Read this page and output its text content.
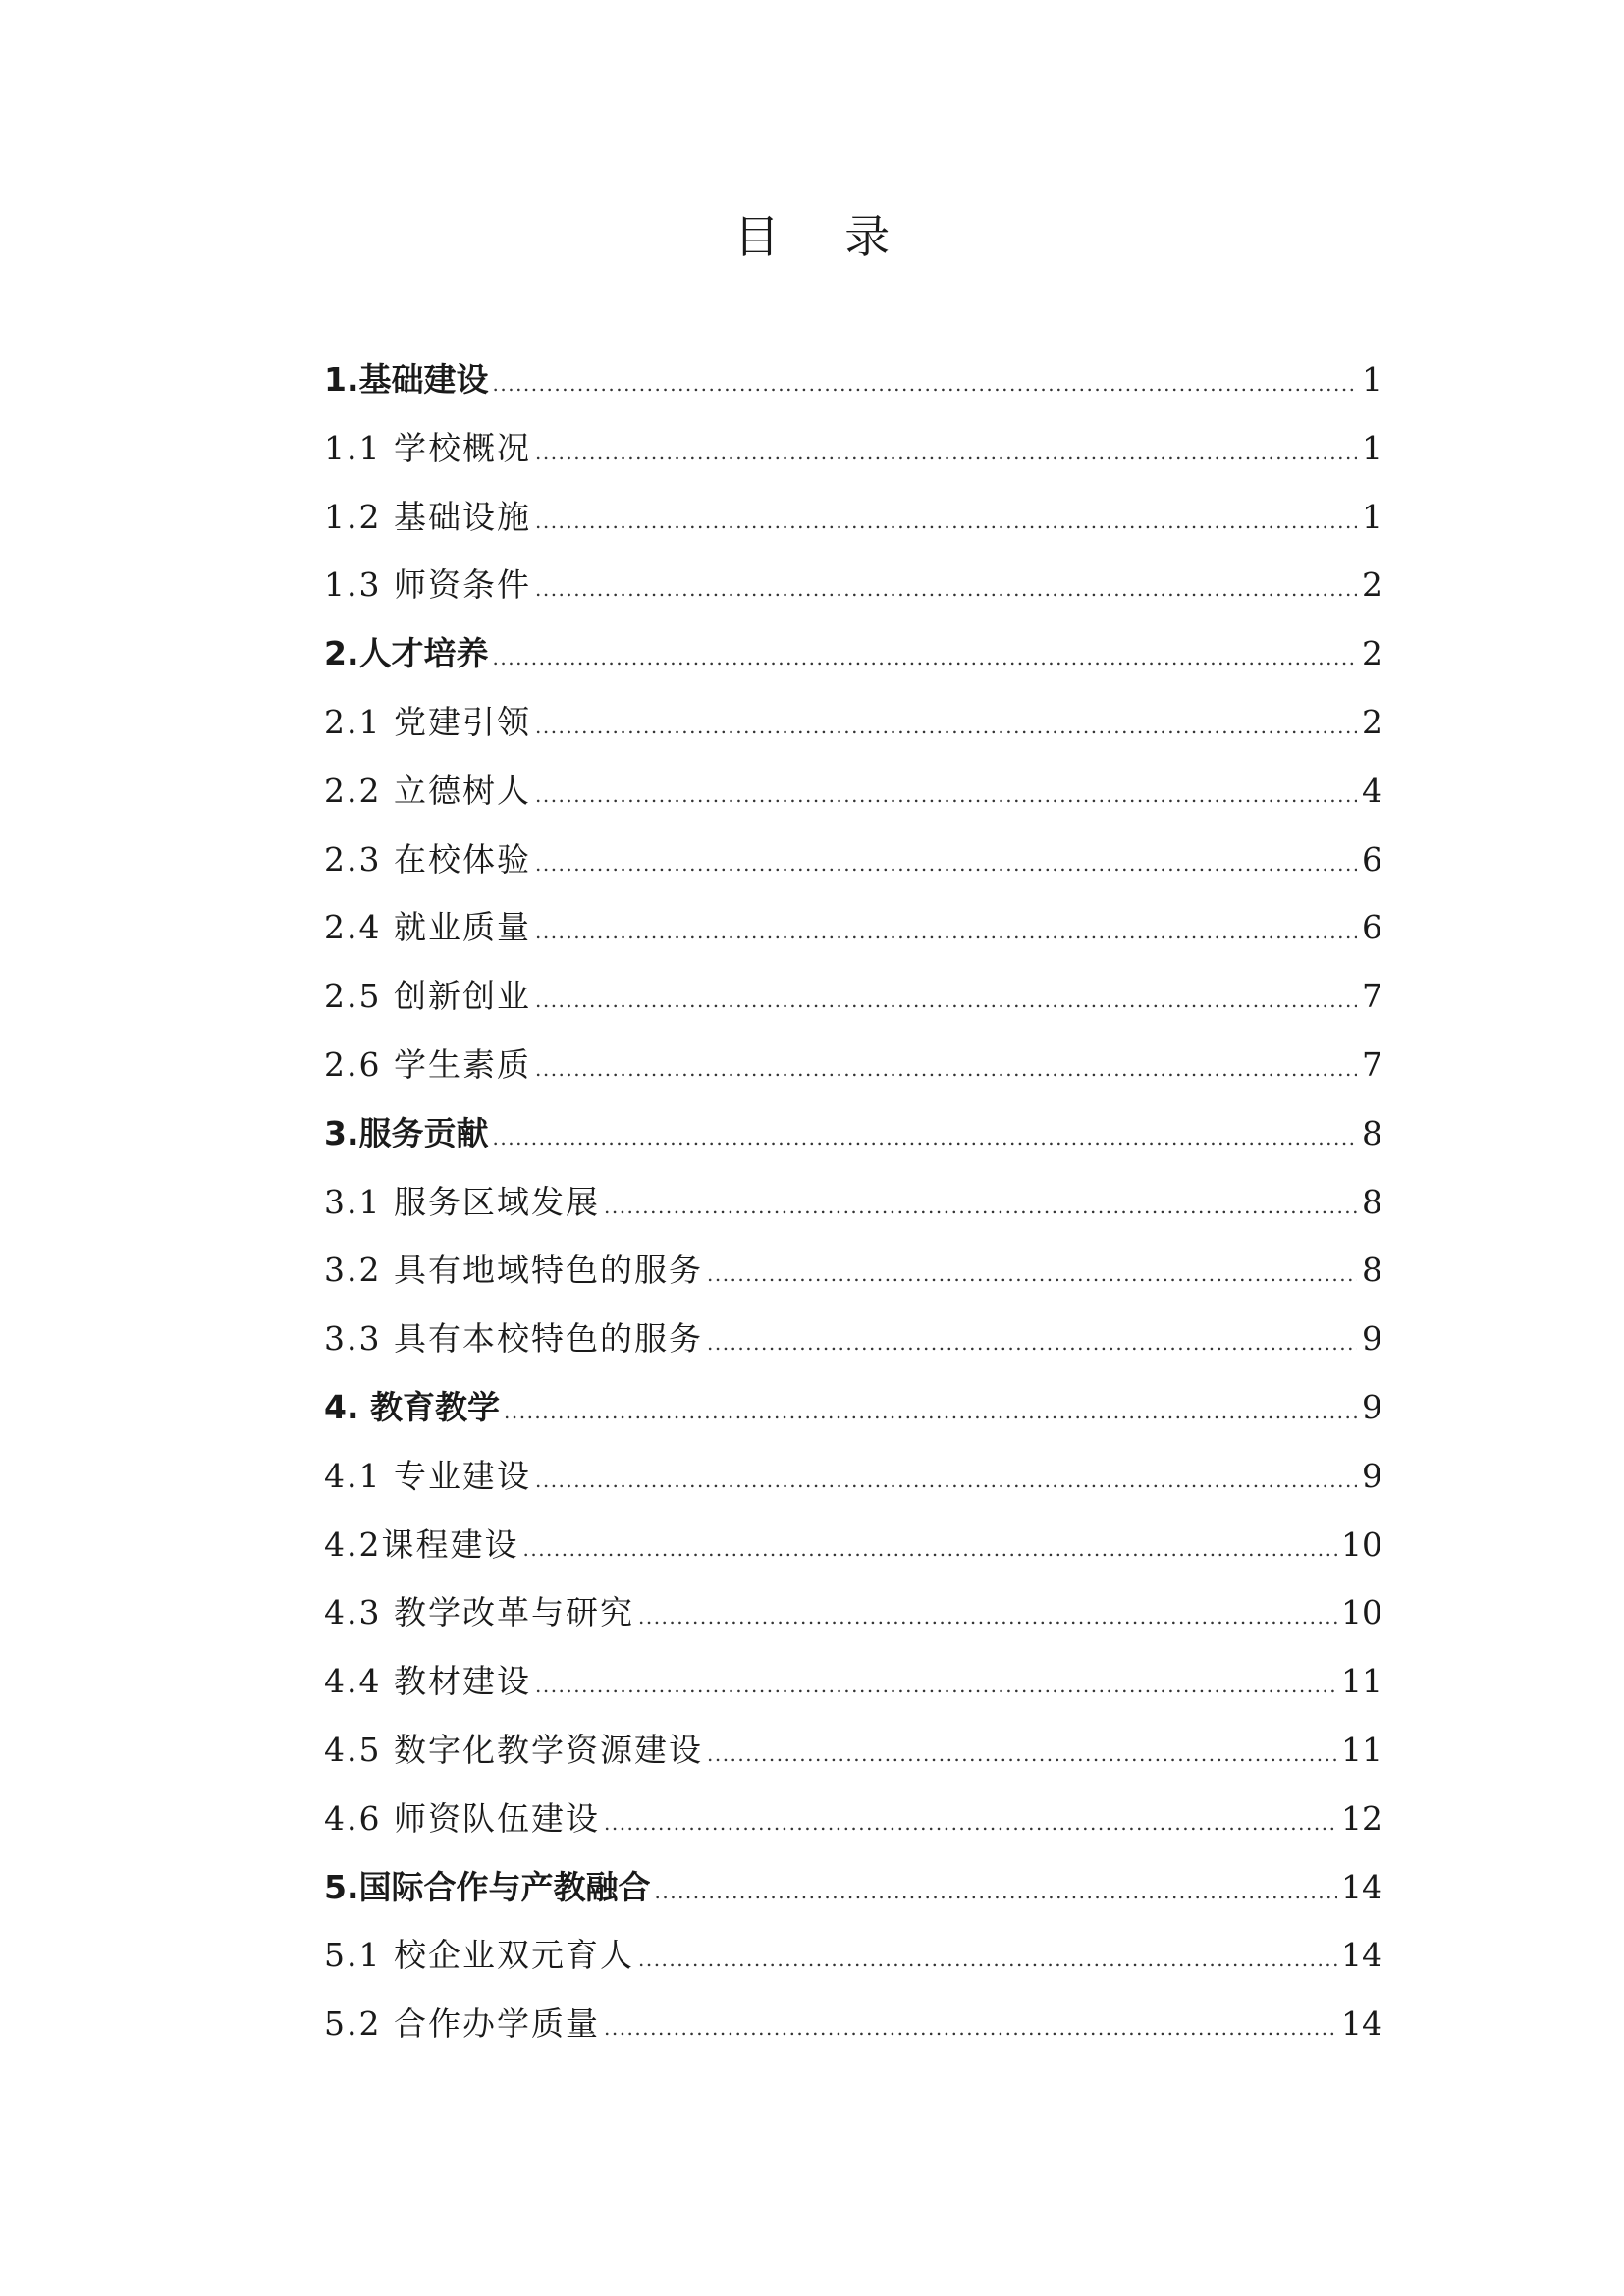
目 录
1.基础建设 .....	1
1.1 学校概况 .....	1
1.2 基础设施 .....	1
1.3 师资条件 .....	2
2.人才培养 .....	2
2.1 党建引领 .....	2
2.2 立德树人 .....	4
2.3 在校体验 .....	6
2.4 就业质量 .....	6
2.5 创新创业 .....	7
2.6 学生素质 .....	7
3.服务贡献 .....	8
3.1 服务区域发展 .....	8
3.2 具有地域特色的服务 .....	8
3.3 具有本校特色的服务 .....	9
4. 教育教学 .....	9
4.1 专业建设 .....	9
4.2课程建设 .....	10
4.3 教学改革与研究 .....	10
4.4 教材建设 .....	11
4.5 数字化教学资源建设 .....	11
4.6 师资队伍建设 .....	12
5.国际合作与产教融合 .....	14
5.1 校企业双元育人 .....	14
5.2 合作办学质量 .....	14
